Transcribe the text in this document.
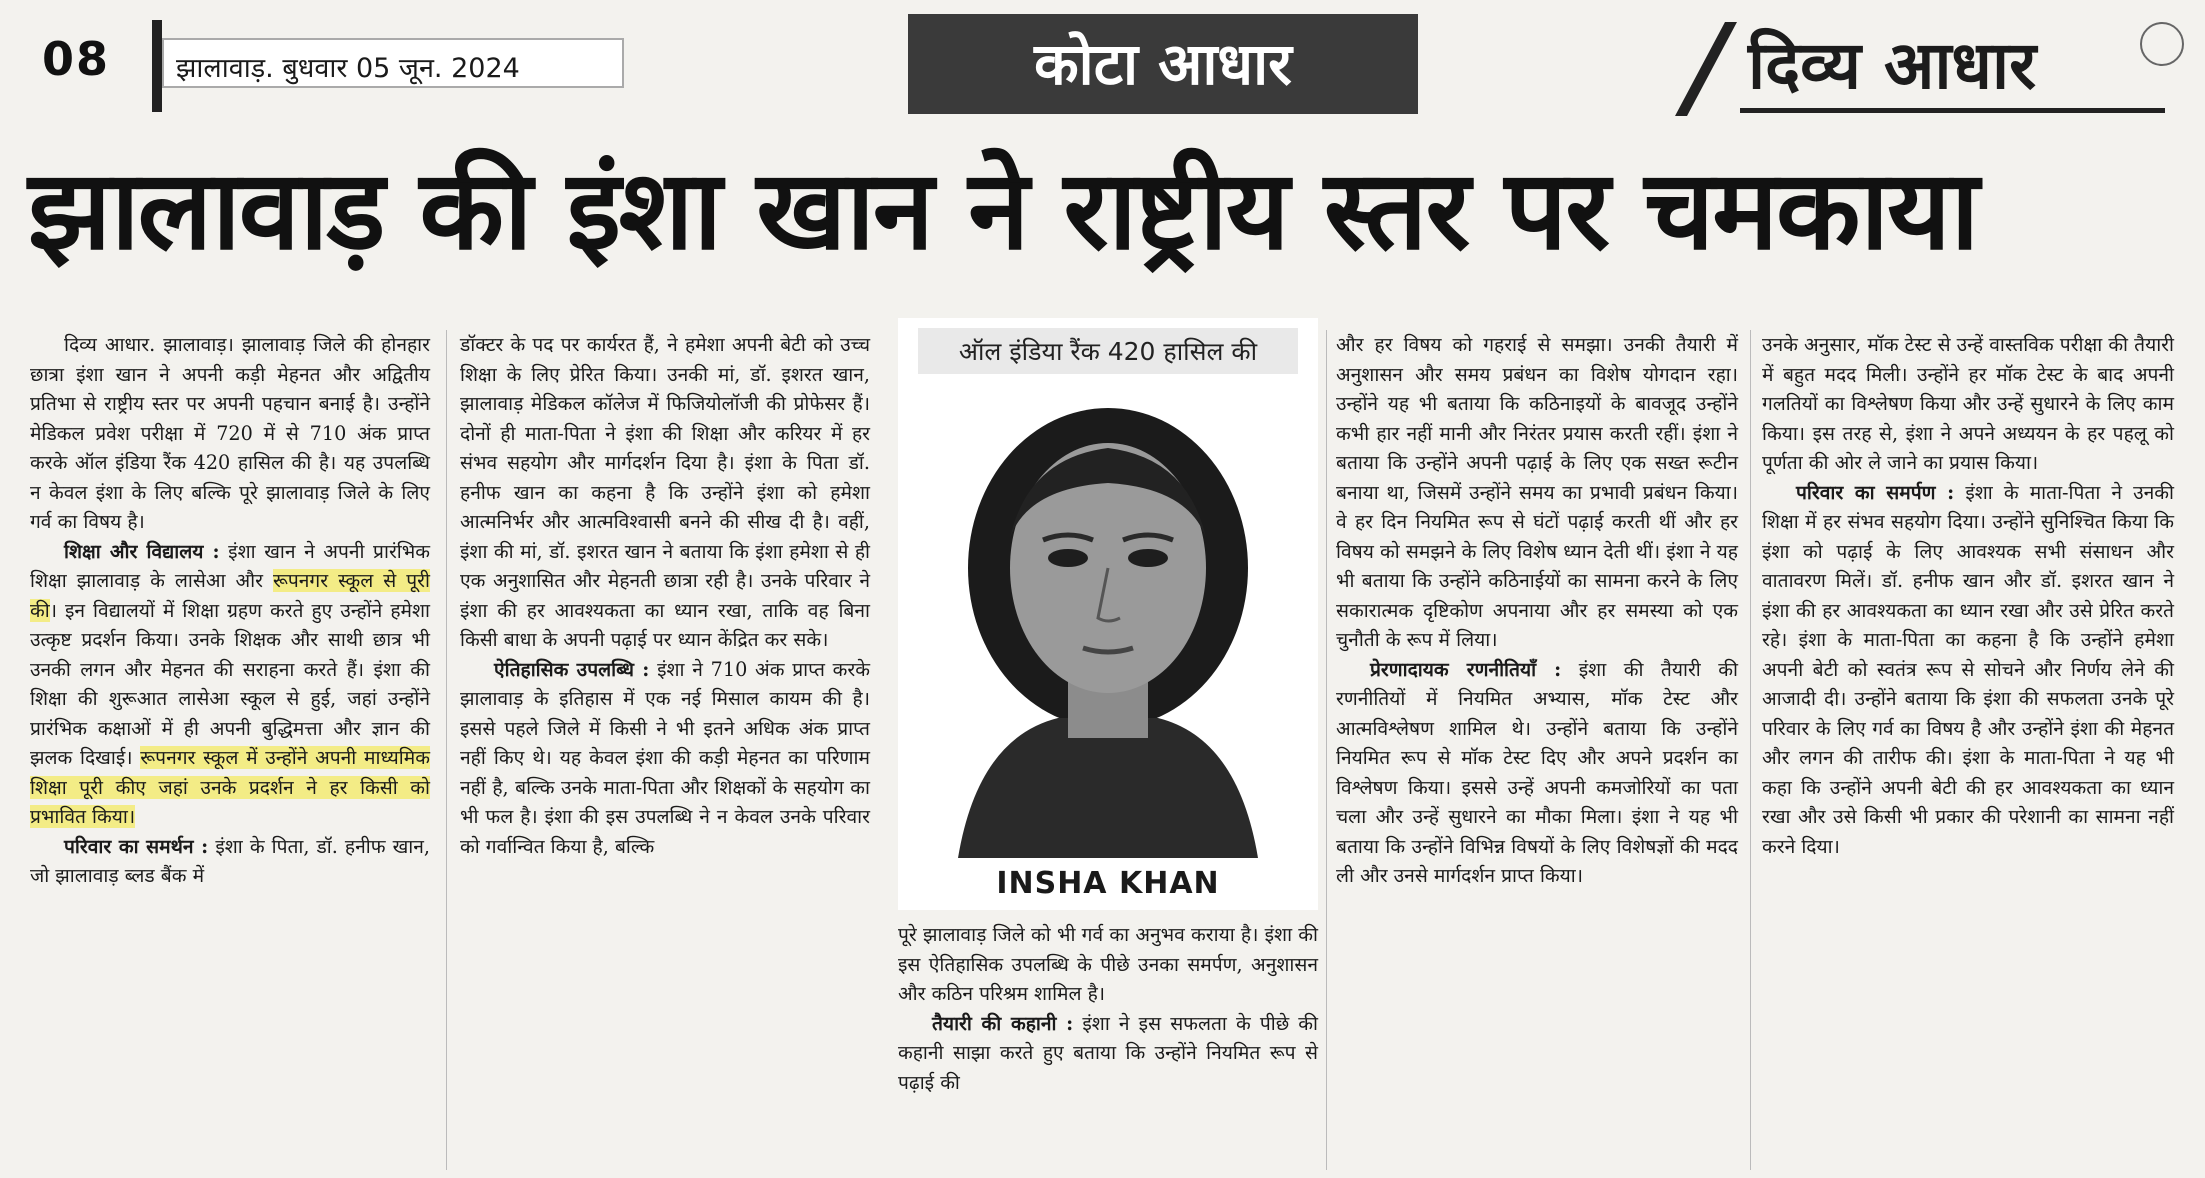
08	झालावाड़. बुधवार 05 जून. 2024	कोटा आधार	दिव्य आधार
झालावाड़ की इंशा खान ने राष्ट्रीय स्तर पर चमकाया

दिव्य आधार. झालावाड़। झालावाड़ जिले की होनहार छात्रा इंशा खान ने अपनी कड़ी मेहनत और अद्वितीय प्रतिभा से राष्ट्रीय स्तर पर अपनी पहचान बनाई है। उन्होंने मेडिकल प्रवेश परीक्षा में 720 में से 710 अंक प्राप्त करके ऑल इंडिया रैंक 420 हासिल की है। यह उपलब्धि न केवल इंशा के लिए बल्कि पूरे झालावाड़ जिले के लिए गर्व का विषय है।

शिक्षा और विद्यालय : इंशा खान ने अपनी प्रारंभिक शिक्षा झालावाड़ के लासेआ और रूपनगर स्कूल से पूरी की। इन विद्यालयों में शिक्षा ग्रहण करते हुए उन्होंने हमेशा उत्कृष्ट प्रदर्शन किया। उनके शिक्षक और साथी छात्र भी उनकी लगन और मेहनत की सराहना करते हैं। इंशा की शिक्षा की शुरूआत लासेआ स्कूल से हुई, जहां उन्होंने प्रारंभिक कक्षाओं में ही अपनी बुद्धिमत्ता और ज्ञान की झलक दिखाई। रूपनगर स्कूल में उन्होंने अपनी माध्यमिक शिक्षा पूरी कीए जहां उनके प्रदर्शन ने हर किसी को प्रभावित किया।

परिवार का समर्थन : इंशा के पिता, डॉ. हनीफ खान, जो झालावाड़ ब्लड बैंक में

डॉक्टर के पद पर कार्यरत हैं, ने हमेशा अपनी बेटी को उच्च शिक्षा के लिए प्रेरित किया। उनकी मां, डॉ. इशरत खान, झालावाड़ मेडिकल कॉलेज में फिजियोलॉजी की प्रोफेसर हैं। दोनों ही माता-पिता ने इंशा की शिक्षा और करियर में हर संभव सहयोग और मार्गदर्शन दिया है। इंशा के पिता डॉ. हनीफ खान का कहना है कि उन्होंने इंशा को हमेशा आत्मनिर्भर और आत्मविश्वासी बनने की सीख दी है। वहीं, इंशा की मां, डॉ. इशरत खान ने बताया कि इंशा हमेशा से ही एक अनुशासित और मेहनती छात्रा रही है। उनके परिवार ने इंशा की हर आवश्यकता का ध्यान रखा, ताकि वह बिना किसी बाधा के अपनी पढ़ाई पर ध्यान केंद्रित कर सके।

ऐतिहासिक उपलब्धि : इंशा ने 710 अंक प्राप्त करके झालावाड़ के इतिहास में एक नई मिसाल कायम की है। इससे पहले जिले में किसी ने भी इतने अधिक अंक प्राप्त नहीं किए थे। यह केवल इंशा की कड़ी मेहनत का परिणाम नहीं है, बल्कि उनके माता-पिता और शिक्षकों के सहयोग का भी फल है। इंशा की इस उपलब्धि ने न केवल उनके परिवार को गर्वान्वित किया है, बल्कि

ऑल इंडिया रैंक 420 हासिल की
INSHA KHAN

पूरे झालावाड़ जिले को भी गर्व का अनुभव कराया है। इंशा की इस ऐतिहासिक उपलब्धि के पीछे उनका समर्पण, अनुशासन और कठिन परिश्रम शामिल है।

तैयारी की कहानी : इंशा ने इस सफलता के पीछे की कहानी साझा करते हुए बताया कि उन्होंने नियमित रूप से पढ़ाई की

और हर विषय को गहराई से समझा। उनकी तैयारी में अनुशासन और समय प्रबंधन का विशेष योगदान रहा। उन्होंने यह भी बताया कि कठिनाइयों के बावजूद उन्होंने कभी हार नहीं मानी और निरंतर प्रयास करती रहीं। इंशा ने बताया कि उन्होंने अपनी पढ़ाई के लिए एक सख्त रूटीन बनाया था, जिसमें उन्होंने समय का प्रभावी प्रबंधन किया। वे हर दिन नियमित रूप से घंटों पढ़ाई करती थीं और हर विषय को समझने के लिए विशेष ध्यान देती थीं। इंशा ने यह भी बताया कि उन्होंने कठिनाईयों का सामना करने के लिए सकारात्मक दृष्टिकोण अपनाया और हर समस्या को एक चुनौती के रूप में लिया।

प्रेरणादायक रणनीतियाँ : इंशा की तैयारी की रणनीतियों में नियमित अभ्यास, मॉक टेस्ट और आत्मविश्लेषण शामिल थे। उन्होंने बताया कि उन्होंने नियमित रूप से मॉक टेस्ट दिए और अपने प्रदर्शन का विश्लेषण किया। इससे उन्हें अपनी कमजोरियों का पता चला और उन्हें सुधारने का मौका मिला। इंशा ने यह भी बताया कि उन्होंने विभिन्न विषयों के लिए विशेषज्ञों की मदद ली और उनसे मार्गदर्शन प्राप्त किया।

उनके अनुसार, मॉक टेस्ट से उन्हें वास्तविक परीक्षा की तैयारी में बहुत मदद मिली। उन्होंने हर मॉक टेस्ट के बाद अपनी गलतियों का विश्लेषण किया और उन्हें सुधारने के लिए काम किया। इस तरह से, इंशा ने अपने अध्ययन के हर पहलू को पूर्णता की ओर ले जाने का प्रयास किया।

परिवार का समर्पण : इंशा के माता-पिता ने उनकी शिक्षा में हर संभव सहयोग दिया। उन्होंने सुनिश्चित किया कि इंशा को पढ़ाई के लिए आवश्यक सभी संसाधन और वातावरण मिलें। डॉ. हनीफ खान और डॉ. इशरत खान ने इंशा की हर आवश्यकता का ध्यान रखा और उसे प्रेरित करते रहे। इंशा के माता-पिता का कहना है कि उन्होंने हमेशा अपनी बेटी को स्वतंत्र रूप से सोचने और निर्णय लेने की आजादी दी। उन्होंने बताया कि इंशा की सफलता उनके पूरे परिवार के लिए गर्व का विषय है और उन्होंने इंशा की मेहनत और लगन की तारीफ की। इंशा के माता-पिता ने यह भी कहा कि उन्होंने अपनी बेटी की हर आवश्यकता का ध्यान रखा और उसे किसी भी प्रकार की परेशानी का सामना नहीं करने दिया।
